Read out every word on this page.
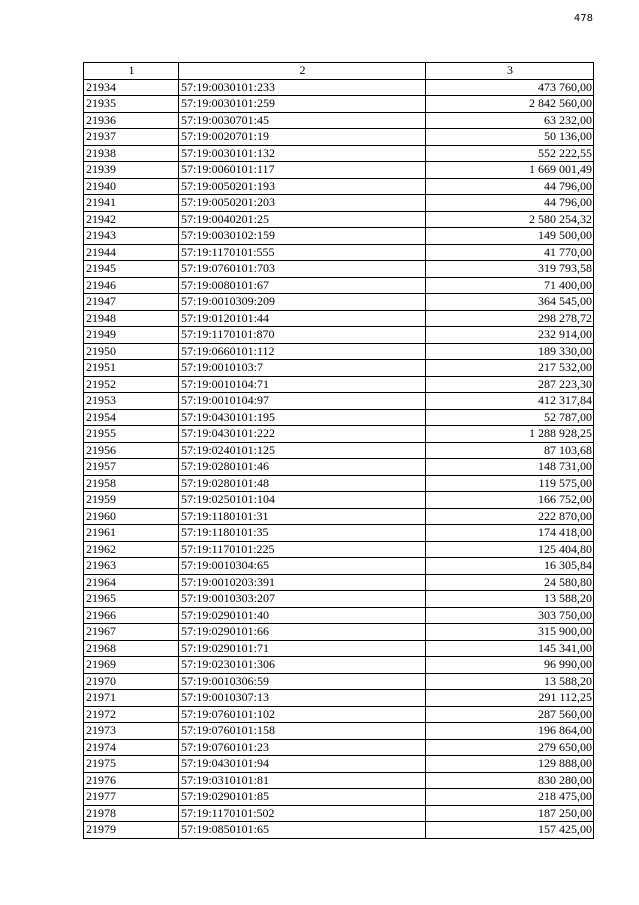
478
1	2	3
21934	57:19:0030101:233	473 760,00
21935	57:19:0030101:259	2 842 560,00
21936	57:19:0030701:45	63 232,00
21937	57:19:0020701:19	50 136,00
21938	57:19:0030101:132	552 222,55
21939	57:19:0060101:117	1 669 001,49
21940	57:19:0050201:193	44 796,00
21941	57:19:0050201:203	44 796,00
21942	57:19:0040201:25	2 580 254,32
21943	57:19:0030102:159	149 500,00
21944	57:19:1170101:555	41 770,00
21945	57:19:0760101:703	319 793,58
21946	57:19:0080101:67	71 400,00
21947	57:19:0010309:209	364 545,00
21948	57:19:0120101:44	298 278,72
21949	57:19:1170101:870	232 914,00
21950	57:19:0660101:112	189 330,00
21951	57:19:0010103:7	217 532,00
21952	57:19:0010104:71	287 223,30
21953	57:19:0010104:97	412 317,84
21954	57:19:0430101:195	52 787,00
21955	57:19:0430101:222	1 288 928,25
21956	57:19:0240101:125	87 103,68
21957	57:19:0280101:46	148 731,00
21958	57:19:0280101:48	119 575,00
21959	57:19:0250101:104	166 752,00
21960	57:19:1180101:31	222 870,00
21961	57:19:1180101:35	174 418,00
21962	57:19:1170101:225	125 404,80
21963	57:19:0010304:65	16 305,84
21964	57:19:0010203:391	24 580,80
21965	57:19:0010303:207	13 588,20
21966	57:19:0290101:40	303 750,00
21967	57:19:0290101:66	315 900,00
21968	57:19:0290101:71	145 341,00
21969	57:19:0230101:306	96 990,00
21970	57:19:0010306:59	13 588,20
21971	57:19:0010307:13	291 112,25
21972	57:19:0760101:102	287 560,00
21973	57:19:0760101:158	196 864,00
21974	57:19:0760101:23	279 650,00
21975	57:19:0430101:94	129 888,00
21976	57:19:0310101:81	830 280,00
21977	57:19:0290101:85	218 475,00
21978	57:19:1170101:502	187 250,00
21979	57:19:0850101:65	157 425,00
